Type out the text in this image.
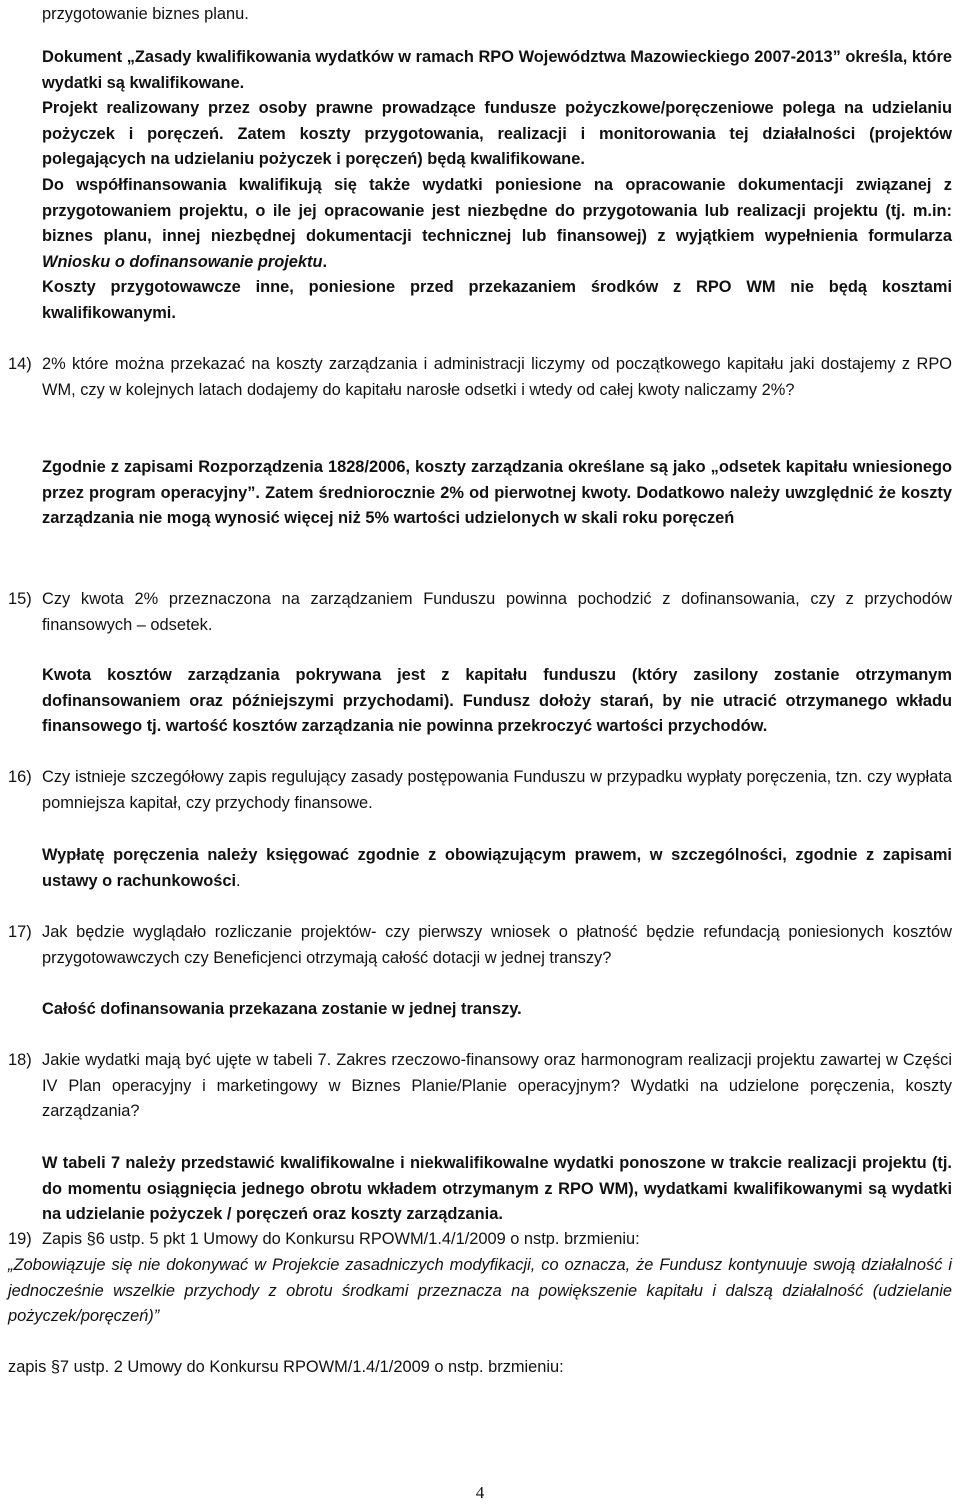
przygotowanie biznes planu.

Dokument „Zasady kwalifikowania wydatków w ramach RPO Województwa Mazowieckiego 2007-2013” określa, które wydatki są kwalifikowane.

Projekt realizowany przez osoby prawne prowadzące fundusze pożyczkowe/poręczeniowe polega na udzielaniu pożyczek i poręczeń. Zatem koszty przygotowania, realizacji i monitorowania tej działalności (projektów polegających na udzielaniu pożyczek i poręczeń) będą kwalifikowane.

Do współfinansowania kwalifikują się także wydatki poniesione na opracowanie dokumentacji związanej z przygotowaniem projektu, o ile jej opracowanie jest niezbędne do przygotowania lub realizacji projektu (tj. m.in: biznes planu, innej niezbędnej dokumentacji technicznej lub finansowej) z wyjątkiem wypełnienia formularza Wniosku o dofinansowanie projektu.

Koszty przygotowawcze inne, poniesione przed przekazaniem środków z RPO WM nie będą kosztami kwalifikowanymi.

14) 2% które można przekazać na koszty zarządzania i administracji liczymy od początkowego kapitału jaki dostajemy z RPO WM, czy w kolejnych latach dodajemy do kapitału narosłe odsetki i wtedy od całej kwoty naliczamy 2%?

Zgodnie z zapisami Rozporządzenia 1828/2006, koszty zarządzania określane są jako „odsetek kapitału wniesionego przez program operacyjny”. Zatem średniorocznie 2% od pierwotnej kwoty. Dodatkowo należy uwzględnić że koszty zarządzania nie mogą wynosić więcej niż 5% wartości udzielonych w skali roku poręczeń

15) Czy kwota 2% przeznaczona na zarządzaniem Funduszu powinna pochodzić z dofinansowania, czy z przychodów finansowych – odsetek.

Kwota kosztów zarządzania pokrywana jest z kapitału funduszu (który zasilony zostanie otrzymanym dofinansowaniem oraz późniejszymi przychodami). Fundusz dołoży starań, by nie utracić otrzymanego wkładu finansowego tj. wartość kosztów zarządzania nie powinna przekroczyć wartości przychodów.

16) Czy istnieje szczegółowy zapis regulujący zasady postępowania Funduszu w przypadku wypłaty poręczenia, tzn. czy wypłata pomniejsza kapitał, czy przychody finansowe.

Wypłatę poręczenia należy księgować zgodnie z obowiązującym prawem, w szczególności, zgodnie z zapisami ustawy o rachunkowości.

17) Jak będzie wyglądało rozliczanie projektów- czy pierwszy wniosek o płatność będzie refundacją poniesionych kosztów przygotowawczych czy Beneficjenci otrzymają całość dotacji w jednej transzy?

Całość dofinansowania przekazana zostanie w jednej transzy.

18) Jakie wydatki mają być ujęte w tabeli 7. Zakres rzeczowo-finansowy oraz harmonogram realizacji projektu zawartej w Części IV Plan operacyjny i marketingowy w Biznes Planie/Planie operacyjnym? Wydatki na udzielone poręczenia, koszty zarządzania?

W tabeli 7 należy przedstawić kwalifikowalne i niekwalifikowalne wydatki ponoszone w trakcie realizacji projektu (tj. do momentu osiągnięcia jednego obrotu wkładem otrzymanym z RPO WM), wydatkami kwalifikowanymi są wydatki na udzielanie pożyczek / poręczeń oraz koszty zarządzania.

19) Zapis §6 ustp. 5 pkt 1 Umowy do Konkursu RPOWM/1.4/1/2009 o nstp. brzmieniu:

„Zobowiązuje się nie dokonywać w Projekcie zasadniczych modyfikacji, co oznacza, że Fundusz kontynuuje swoją działalność i jednocześnie wszelkie przychody z obrotu środkami przeznacza na powiększenie kapitału i dalszą działalność (udzielanie pożyczek/poręczeń)”

zapis §7 ustp. 2 Umowy do Konkursu RPOWM/1.4/1/2009 o nstp. brzmieniu:

4
